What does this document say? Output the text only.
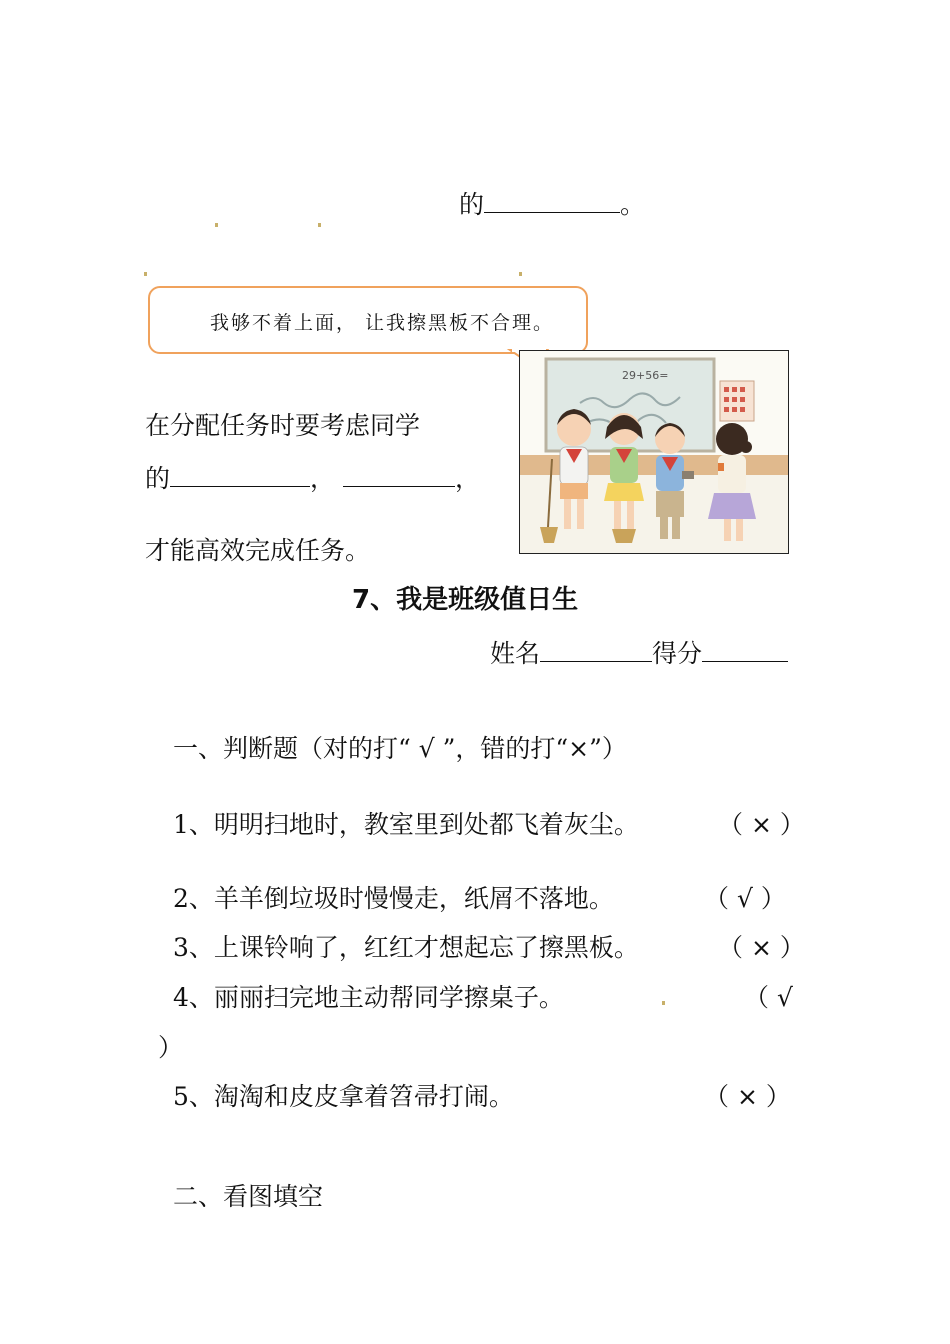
的	。
我够不着上面， 让我擦黑板不合理。
在分配任务时要考虑同学
的	，	，
才能高效完成任务。
29+56=
7、我是班级值日生
姓名	得分
一、判断题（对的打“ √ ”，错的打“×”）
1、明明扫地时，教室里到处都飞着灰尘。	（ × ）
2、羊羊倒垃圾时慢慢走，纸屑不落地。	（ √ ）
3、上课铃响了，红红才想起忘了擦黑板。	（ × ）
4、丽丽扫完地主动帮同学擦桌子。	（ √
）
5、淘淘和皮皮拿着笤帚打闹。	（ × ）
二、看图填空
